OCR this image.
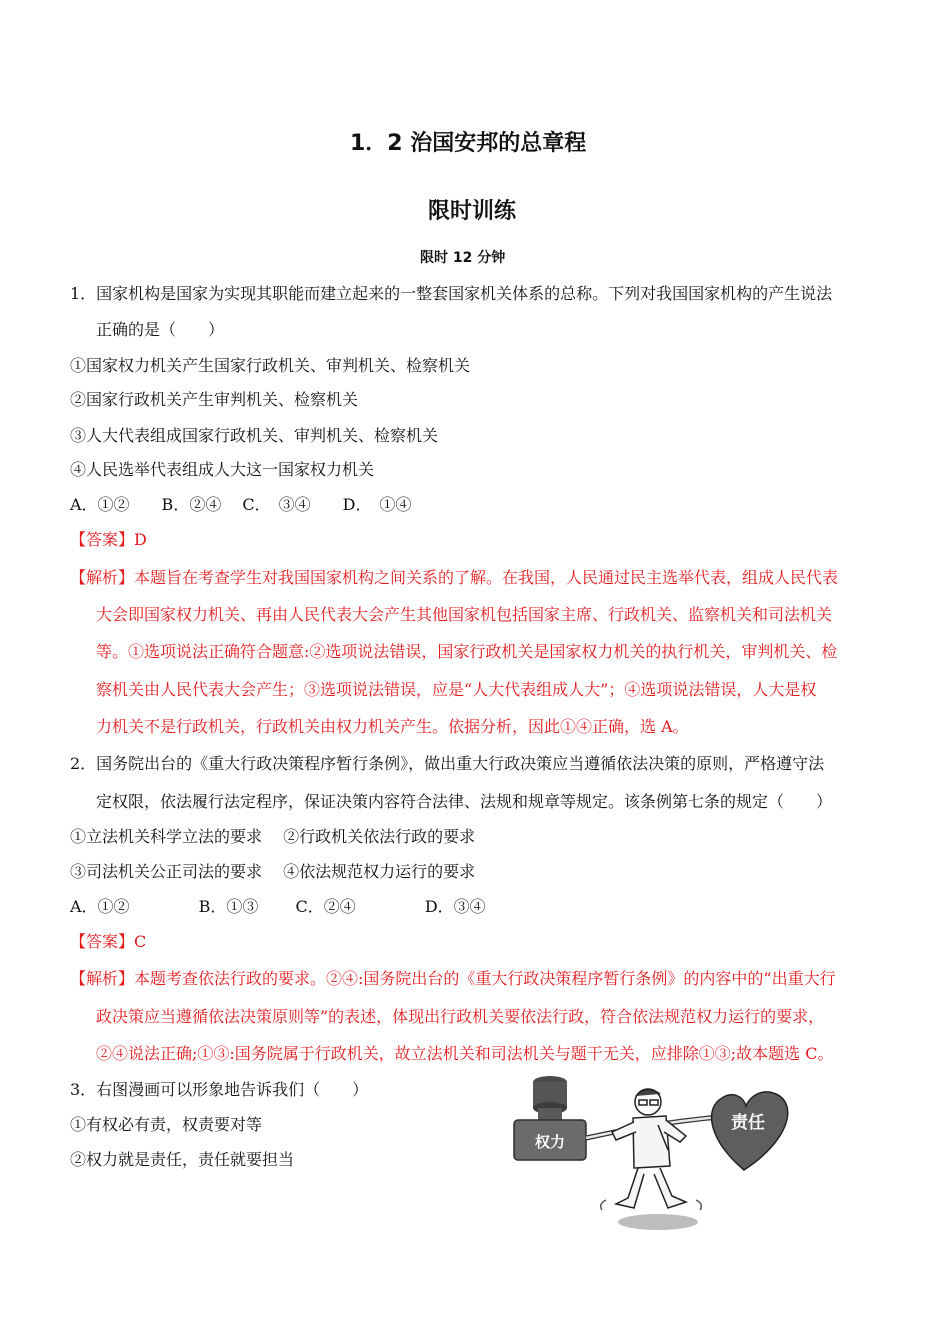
1．2 治国安邦的总章程
限时训练
限时 12 分钟
1．国家机构是国家为实现其职能而建立起来的一整套国家机关体系的总称。下列对我国国家机构的产生说法
正确的是（　　）
①国家权力机关产生国家行政机关、审判机关、检察机关
②国家行政机关产生审判机关、检察机关
③人大代表组成国家行政机关、审判机关、检察机关
④人民选举代表组成人大这一国家权力机关
A．①②　　B．②④　 C．　③④　　D．　①④
【答案】D
【解析】本题旨在考查学生对我国国家机构之间关系的了解。在我国，人民通过民主选举代表，组成人民代表
大会即国家权力机关、再由人民代表大会产生其他国家机包括国家主席、行政机关、监察机关和司法机关
等。①选项说法正确符合题意:②选项说法错误，国家行政机关是国家权力机关的执行机关，审判机关、检
察机关由人民代表大会产生；③选项说法错误，应是“人大代表组成人大”；④选项说法错误，人大是权
力机关不是行政机关，行政机关由权力机关产生。依据分析，因此①④正确，选 A。
2．国务院出台的《重大行政决策程序暂行条例》，做出重大行政决策应当遵循依法决策的原则，严格遵守法
定权限，依法履行法定程序，保证决策内容符合法律、法规和规章等规定。该条例第七条的规定（　　）
①立法机关科学立法的要求　 ②行政机关依法行政的要求
③司法机关公正司法的要求　 ④依法规范权力运行的要求
A．①②　　　　 B．①③　　 C．②④　　　　 D．③④
【答案】C
【解析】本题考查依法行政的要求。②④:国务院出台的《重大行政决策程序暂行条例》的内容中的“出重大行
政决策应当遵循依法决策原则等”的表述，体现出行政机关要依法行政，符合依法规范权力运行的要求，
②④说法正确;①③:国务院属于行政机关，故立法机关和司法机关与题干无关，应排除①③;故本题选 C。
3．右图漫画可以形象地告诉我们（　　）
①有权必有责，权责要对等
②权力就是责任，责任就要担当
权力
责任
